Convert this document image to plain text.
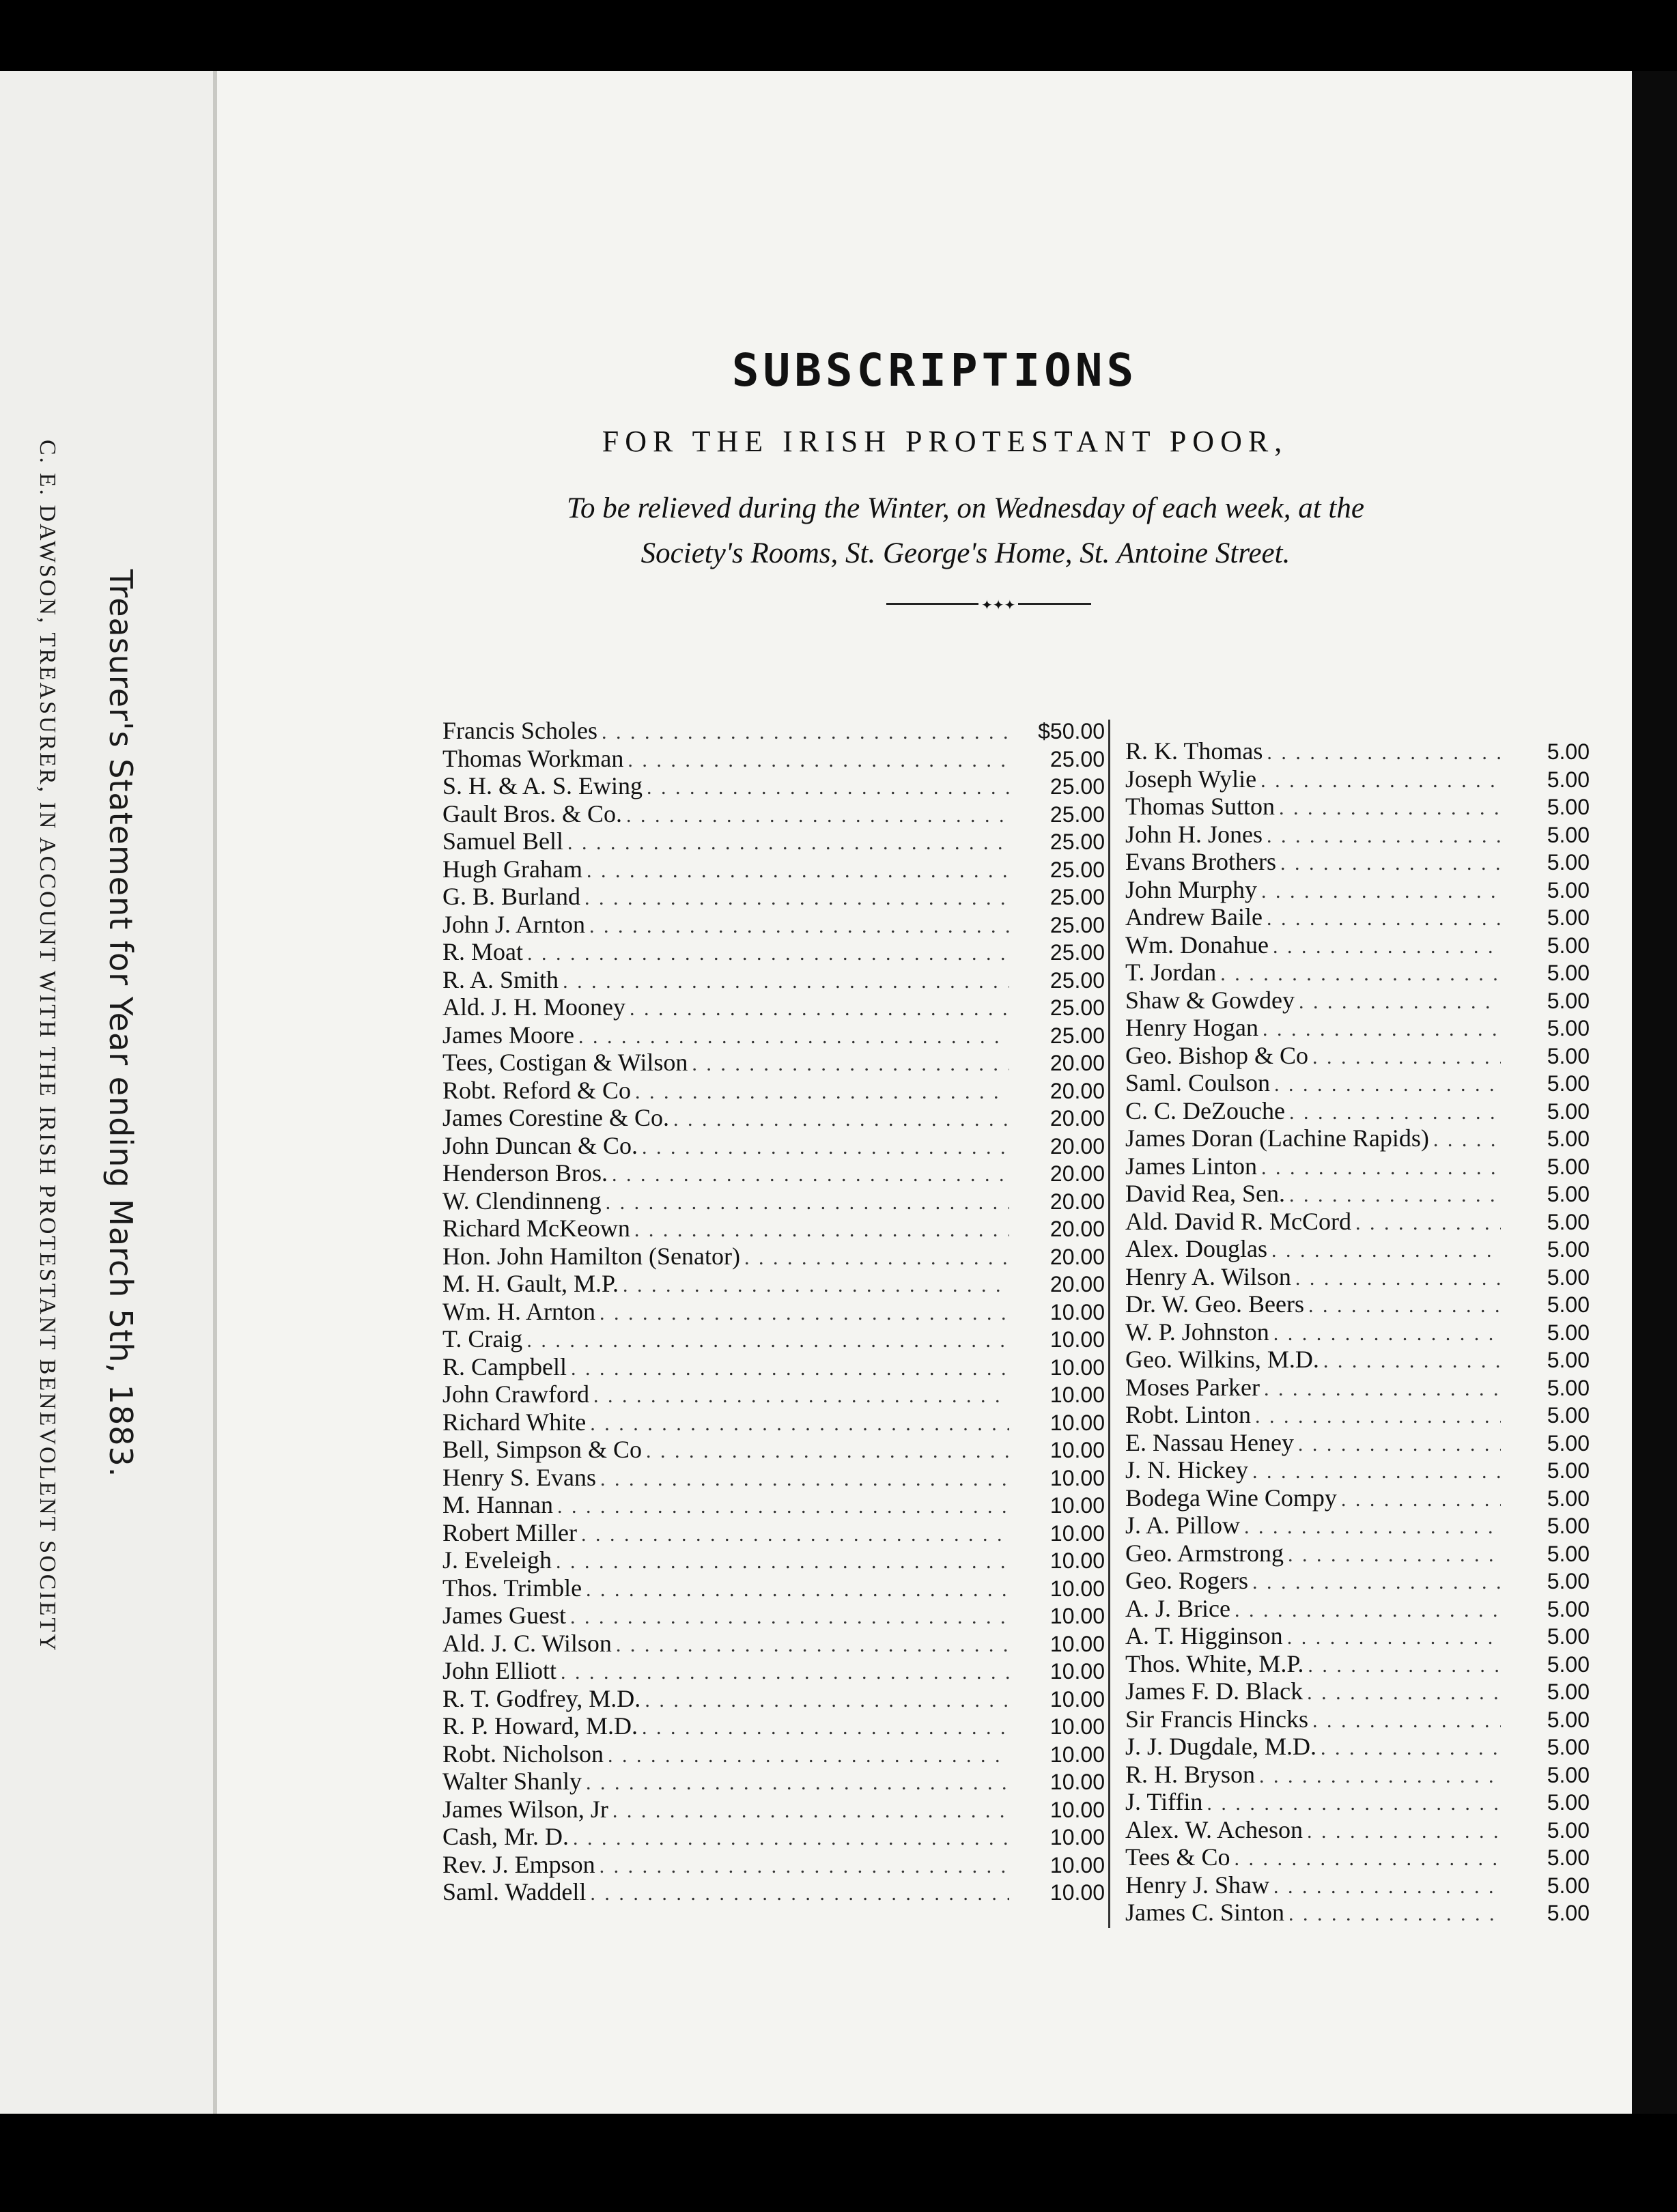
Treasurer's Statement for Year ending March 5th, 1883.
C. E. DAWSON, TREASURER, IN ACCOUNT WITH THE IRISH PROTESTANT BENEVOLENT SOCIETY
SUBSCRIPTIONS
FOR THE IRISH PROTESTANT POOR,
To be relieved during the Winter, on Wednesday of each week, at the
Society's Rooms, St. George's Home, St. Antoine Street.
✦✦✦
Francis Scholes . . .	$50.00
Thomas Workman . . .	25.00
S. H. & A. S. Ewing . . .	25.00
Gault Bros. & Co. . . .	25.00
Samuel Bell . . .	25.00
Hugh Graham . . .	25.00
G. B. Burland . . .	25.00
John J. Arnton . . .	25.00
R. Moat . . .	25.00
R. A. Smith . . .	25.00
Ald. J. H. Mooney . . .	25.00
James Moore . . .	25.00
Tees, Costigan & Wilson . . .	20.00
Robt. Reford & Co . . .	20.00
James Corestine & Co. . . .	20.00
John Duncan & Co. . . .	20.00
Henderson Bros. . . .	20.00
W. Clendinneng . . .	20.00
Richard McKeown . . .	20.00
Hon. John Hamilton (Senator) . . .	20.00
M. H. Gault, M.P. . . .	20.00
Wm. H. Arnton . . .	10.00
T. Craig . . .	10.00
R. Campbell . . .	10.00
John Crawford . . .	10.00
Richard White . . .	10.00
Bell, Simpson & Co . . .	10.00
Henry S. Evans . . .	10.00
M. Hannan . . .	10.00
Robert Miller . . .	10.00
J. Eveleigh . . .	10.00
Thos. Trimble . . .	10.00
James Guest . . .	10.00
Ald. J. C. Wilson . . .	10.00
John Elliott . . .	10.00
R. T. Godfrey, M.D. . . .	10.00
R. P. Howard, M.D. . . .	10.00
Robt. Nicholson . . .	10.00
Walter Shanly . . .	10.00
James Wilson, Jr . . .	10.00
Cash, Mr. D. . . .	10.00
Rev. J. Empson . . .	10.00
Saml. Waddell . . .	10.00
R. K. Thomas . . .	5.00
Joseph Wylie . . .	5.00
Thomas Sutton . . .	5.00
John H. Jones . . .	5.00
Evans Brothers . . .	5.00
John Murphy . . .	5.00
Andrew Baile . . .	5.00
Wm. Donahue . . .	5.00
T. Jordan . . .	5.00
Shaw & Gowdey . . .	5.00
Henry Hogan . . .	5.00
Geo. Bishop & Co . . .	5.00
Saml. Coulson . . .	5.00
C. C. DeZouche . . .	5.00
James Doran (Lachine Rapids) . . .	5.00
James Linton . . .	5.00
David Rea, Sen. . . .	5.00
Ald. David R. McCord . . .	5.00
Alex. Douglas . . .	5.00
Henry A. Wilson . . .	5.00
Dr. W. Geo. Beers . . .	5.00
W. P. Johnston . . .	5.00
Geo. Wilkins, M.D. . . .	5.00
Moses Parker . . .	5.00
Robt. Linton . . .	5.00
E. Nassau Heney . . .	5.00
J. N. Hickey . . .	5.00
Bodega Wine Compy . . .	5.00
J. A. Pillow . . .	5.00
Geo. Armstrong . . .	5.00
Geo. Rogers . . .	5.00
A. J. Brice . . .	5.00
A. T. Higginson . . .	5.00
Thos. White, M.P. . . .	5.00
James F. D. Black . . .	5.00
Sir Francis Hincks . . .	5.00
J. J. Dugdale, M.D. . . .	5.00
R. H. Bryson . . .	5.00
J. Tiffin . . .	5.00
Alex. W. Acheson . . .	5.00
Tees & Co . . .	5.00
Henry J. Shaw . . .	5.00
James C. Sinton . . .	5.00
